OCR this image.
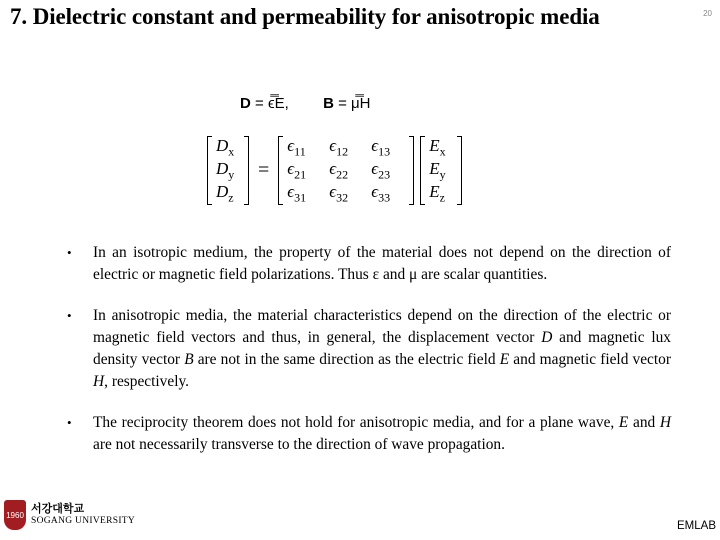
7. Dielectric constant and permeability for anisotropic media	20
D = ϵ̿E, B = μ̿H
$D_x$
$D_y$
$D_z$
=
$\epsilon_{11}$	$\epsilon_{12}$	$\epsilon_{13}$
$\epsilon_{21}$	$\epsilon_{22}$	$\epsilon_{23}$
$\epsilon_{31}$	$\epsilon_{32}$	$\epsilon_{33}$
$E_x$
$E_y$
$E_z$
• In an isotropic medium, the property of the material does not depend on the direction of electric or magnetic field polarizations. Thus ε and μ are scalar quantities.
• In anisotropic media, the material characteristics depend on the direction of the electric or magnetic field vectors and thus, in general, the displacement vector D and magnetic lux density vector B are not in the same direction as the electric field E and magnetic field vector H, respectively.
• The reciprocity theorem does not hold for anisotropic media, and for a plane wave, E and H are not necessarily transverse to the direction of wave propagation.
1960 서강대학교
SOGANG UNIVERSITY	EMLAB
